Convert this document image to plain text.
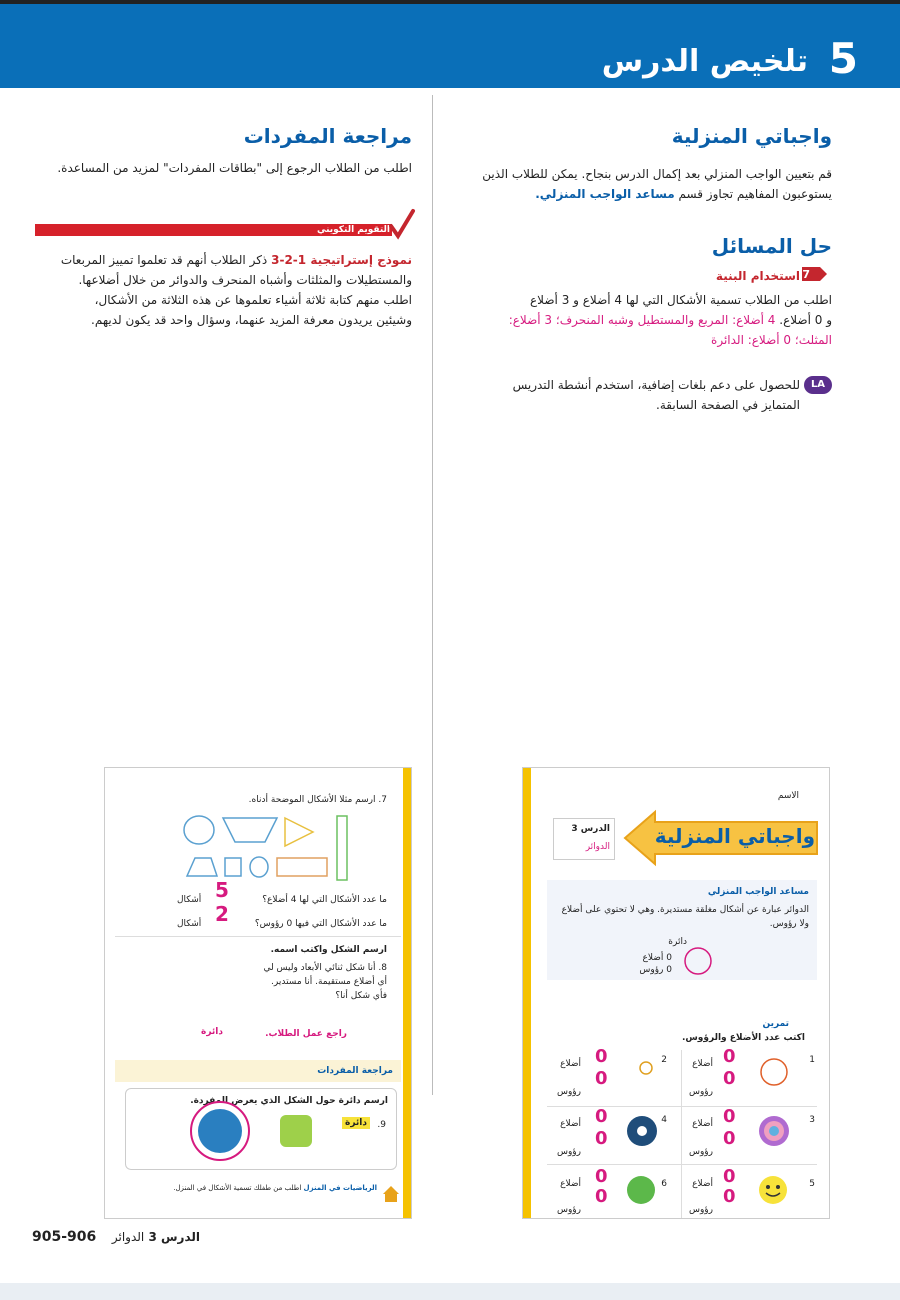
5
تلخيص الدرس
واجباتي المنزلية
قم بتعيين الواجب المنزلي بعد إكمال الدرس بنجاح. يمكن للطلاب الذين
يستوعبون المفاهيم تجاوز قسم مساعد الواجب المنزلي.
حل المسائل
7
استخدام البنية
اطلب من الطلاب تسمية الأشكال التي لها 4 أضلاع و 3 أضلاع
و 0 أضلاع. 4 أضلاع: المربع والمستطيل وشبه المنحرف؛ 3 أضلاع:
المثلث؛ 0 أضلاع: الدائرة
LA
للحصول على دعم بلغات إضافية، استخدم أنشطة التدريس
المتمايز في الصفحة السابقة.
مراجعة المفردات
اطلب من الطلاب الرجوع إلى "بطاقات المفردات" لمزيد من المساعدة.
التقويم التكويني
نموذج إستراتيجية 1-2-3 ذكر الطلاب أنهم قد تعلموا تمييز المربعات
والمستطيلات والمثلثات وأشباه المنحرف والدوائر من خلال أضلاعها.
اطلب منهم كتابة ثلاثة أشياء تعلموها عن هذه الثلاثة من الأشكال،
وشيئين يريدون معرفة المزيد عنهما، وسؤال واحد قد يكون لديهم.
الاسم
الدرس 3
الدوائر واجباتي المنزلية
مساعد الواجب المنزلي
الدوائر عبارة عن أشكال مغلقة مستديرة. وهي لا تحتوي على أضلاع
ولا رؤوس.
دائرة
0 أضلاع
0 رؤوس
تمرين
اكتب عدد الأضلاع والرؤوس.
1
0
أضلاع
0
رؤوس
2
0
أضلاع
0
رؤوس
3
0
أضلاع
0
رؤوس
4
0
أضلاع
0
رؤوس
5
0
أضلاع
0
رؤوس
6
0
أضلاع
0
رؤوس
7. ارسم مثلا الأشكال الموضحة أدناه.
ما عدد الأشكال التي لها 4 أضلاع؟
5
أشكال
ما عدد الأشكال التي فيها 0 رؤوس؟
2
أشكال
ارسم الشكل واكتب اسمه.
8. أنا شكل ثنائي الأبعاد وليس لي
أي أضلاع مستقيمة. أنا مستدير.
فأي شكل أنا؟
راجع عمل الطلاب.
دائرة
مراجعة المفردات
ارسم دائرة حول الشكل الذي يعرض المفردة.
9.
دائرة
الرياضيات في المنزل اطلب من طفلك تسمية الأشكال في المنزل.
الدرس 3 الدوائر
905-906
